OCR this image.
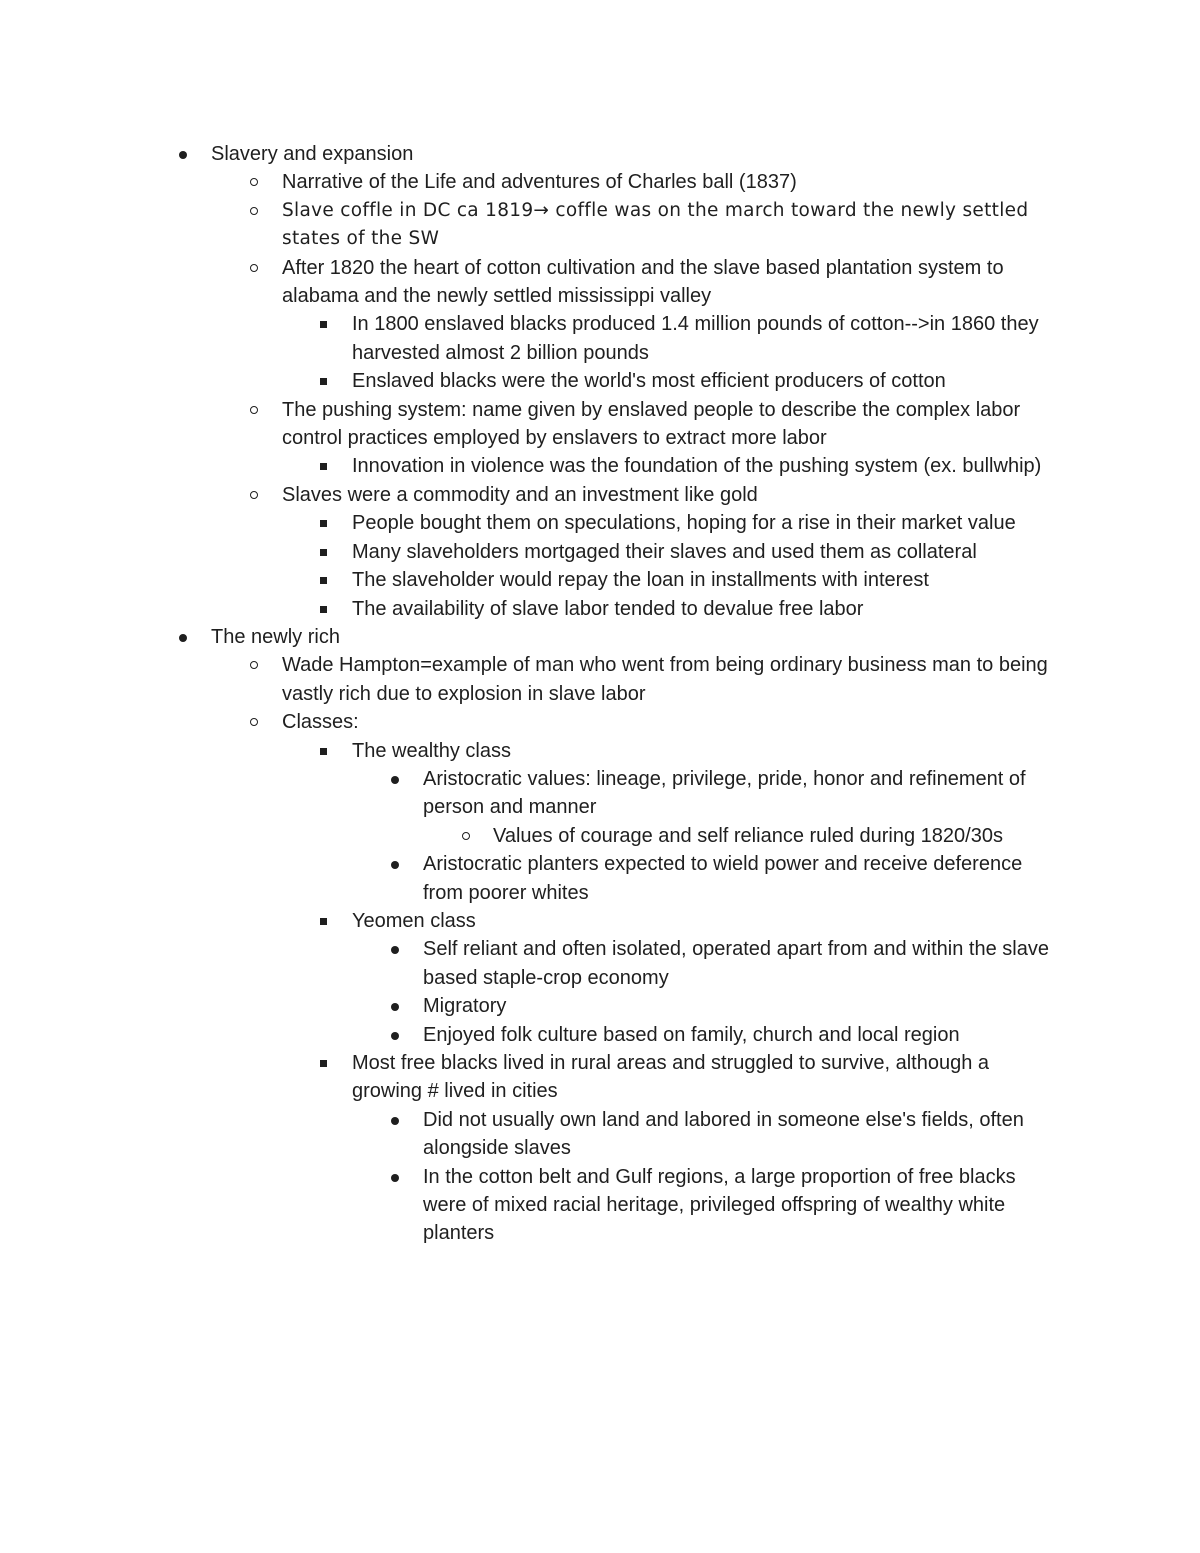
Slavery and expansion
Narrative of the Life and adventures of Charles ball (1837)
Slave coffle in DC ca 1819→ coffle was on the march toward the newly settled states of the SW
After 1820 the heart of cotton cultivation and the slave based plantation system to alabama and the newly settled mississippi valley
In 1800 enslaved blacks produced 1.4 million pounds of cotton-->in 1860 they harvested almost 2 billion pounds
Enslaved blacks were the world's most efficient producers of cotton
The pushing system: name given by enslaved people to describe the complex labor control practices employed by enslavers to extract more labor
Innovation in violence was the foundation of the pushing system (ex. bullwhip)
Slaves were a commodity and an investment like gold
People bought them on speculations, hoping for a rise in their market value
Many slaveholders mortgaged their slaves and used them as collateral
The slaveholder would repay the loan in installments with interest
The availability of slave labor tended to devalue free labor
The newly rich
Wade Hampton=example of man who went from being ordinary business man to being vastly rich due to explosion in slave labor
Classes:
The wealthy class
Aristocratic values: lineage, privilege, pride, honor and refinement of person and manner
Values of courage and self reliance ruled during 1820/30s
Aristocratic planters expected to wield power and receive deference from poorer whites
Yeomen class
Self reliant and often isolated, operated apart from and within the slave based staple-crop economy
Migratory
Enjoyed folk culture based on family, church and local region
Most free blacks lived in rural areas and struggled to survive, although a growing # lived in cities
Did not usually own land and labored in someone else's fields, often alongside slaves
In the cotton belt and Gulf regions, a large proportion of free blacks were of mixed racial heritage, privileged offspring of wealthy white planters
